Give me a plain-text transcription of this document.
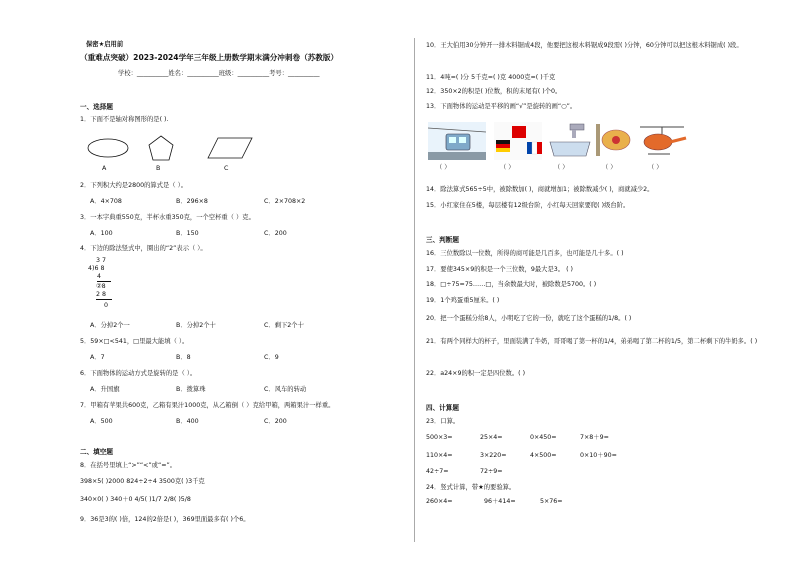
保密★启用前
（重难点突破）2023-2024学年三年级上册数学期末满分冲刺卷（苏教版）
学校：__________姓名：__________班级：__________考号：__________
一、选择题
1．下面不是轴对称图形的是( ).
A	B	C
2．下列积大约是2800的算式是（ ）。
A．4×708	B．296×8	C．2×708×2
3．一本字典重550克，半杯水重350克，一个空杯重（ ）克。
A．100	B．150	C．200
4．下边的除法竖式中，圈出的“2”表示（ ）。
3 7
4)6 8
4
②8
2 8
0
A．分掉2个一	B．分掉2个十	C．剩下2个十
5．59×□<541，□里最大能填（ ）。
A．7	B．8	C．9
6．下面物体的运动方式是旋转的是（ ）。
A．升国旗	B．拨算珠	C．风车的转动
7．甲箱有苹果共600克，乙箱有果汁1000克，从乙箱倒（ ）克给甲箱，两箱果汁一样重。
A．500	B．400	C．200
二、填空题
8．在括号里填上“>”“<”或“=”。
398×5( )2000 824÷2÷4 3500克( )3千克
340×0( ) 340＋0 4/5( )1/7 2/8( )5/8
9．36是3的( )倍，124的2倍是( )，369里面最多有( )个6。
10．王大伯用30分钟开一排木料锯成4段，他要把这根木料锯成9段需( )分钟，60分钟可以把这根木料锯成( )段。
11．4吨=( )分 5千克=( )克 4000克=( )千克
12．350×2的积是( )位数，积的末尾有( )个0。
13．下面物体的运动是平移的画“√”是旋转的画“○”。
（ ）	（ ）	（ ）	（ ）	（ ）
14．除法算式565÷5中，被除数加( )，商就增加1；被除数减少( )，商就减少2。
15．小红家住在5楼，每层楼有12级台阶，小红每天回家要爬( )级台阶。
三、判断题
16．三位数除以一位数，所得的商可能是几百多，也可能是几十多。( )
17．要使345×9的积是一个三位数，9最大是3。 ( )
18．□÷75=75……□，当余数最大时，被除数是5700。( )
19．1个鸡蛋重5厘米。( )
20．把一个蛋糕分给8人，小明吃了它的一份，就吃了这个蛋糕的1/8。( )
21．有两个同样大的杯子，里面装满了牛奶，哥哥喝了第一杯的1/4，弟弟喝了第二杯的1/5，第二杯剩下的牛奶多。( )
22．a24×9的积一定是四位数。( )
四、计算题
23．口算。
500×3=	25×4=	0×450=	7×8＋9=
110×4=	3×220=	4×500=	0×10＋90=
42÷7=	72÷9=
24．竖式计算，带★的要验算。
260×4=	96＋414=	5×76=
